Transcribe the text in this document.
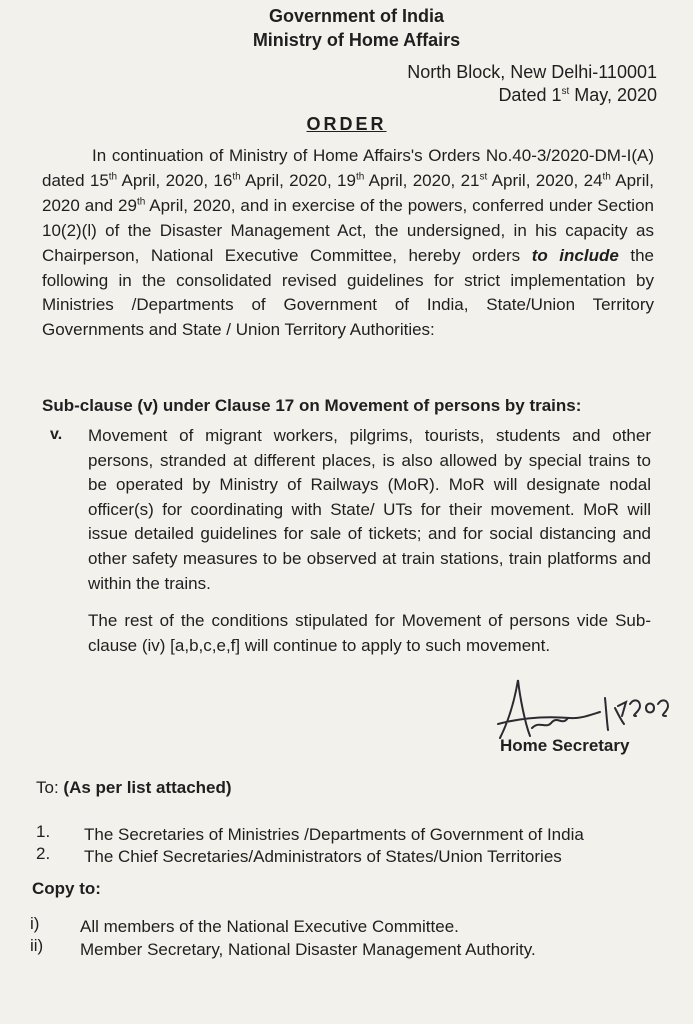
Government of India
Ministry of Home Affairs
North Block, New Delhi-110001
Dated 1st May, 2020
ORDER
In continuation of Ministry of Home Affairs's Orders No.40-3/2020-DM-I(A) dated 15th April, 2020, 16th April, 2020, 19th April, 2020, 21st April, 2020, 24th April, 2020 and 29th April, 2020, and in exercise of the powers, conferred under Section 10(2)(l) of the Disaster Management Act, the undersigned, in his capacity as Chairperson, National Executive Committee, hereby orders to include the following in the consolidated revised guidelines for strict implementation by Ministries /Departments of Government of India, State/Union Territory Governments and State / Union Territory Authorities:
Sub-clause (v) under Clause 17 on Movement of persons by trains:
v. Movement of migrant workers, pilgrims, tourists, students and other persons, stranded at different places, is also allowed by special trains to be operated by Ministry of Railways (MoR). MoR will designate nodal officer(s) for coordinating with State/ UTs for their movement. MoR will issue detailed guidelines for sale of tickets; and for social distancing and other safety measures to be observed at train stations, train platforms and within the trains.
The rest of the conditions stipulated for Movement of persons vide Sub-clause (iv) [a,b,c,e,f] will continue to apply to such movement.
Home Secretary
To: (As per list attached)
1.	The Secretaries of Ministries /Departments of Government of India
2.	The Chief Secretaries/Administrators of States/Union Territories
Copy to:
i)	All members of the National Executive Committee.
ii)	Member Secretary, National Disaster Management Authority.
